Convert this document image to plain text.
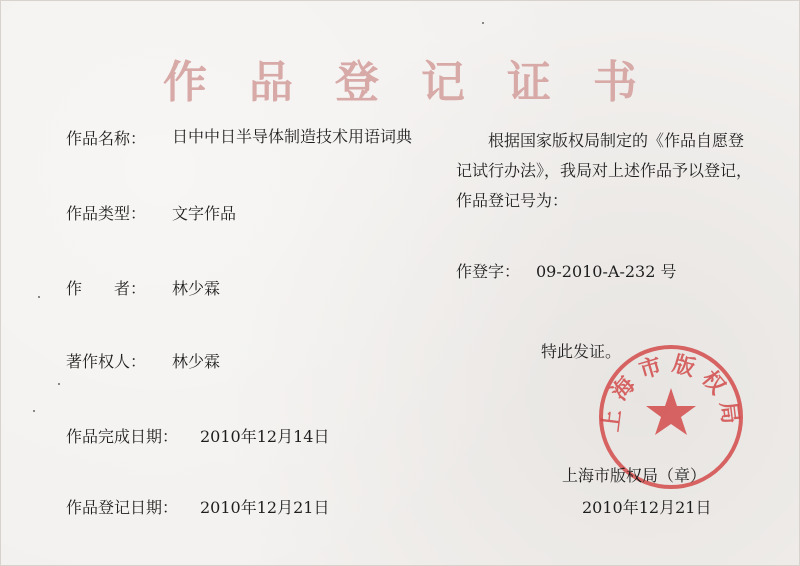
作品登记证书
作品名称： 日中中日半导体制造技术用语词典
作品类型： 文字作品
作　　者： 林少霖
著作权人： 林少霖
作品完成日期： 2010年12月14日
作品登记日期： 2010年12月21日
根据国家版权局制定的《作品自愿登记试行办法》，我局对上述作品予以登记，作品登记号为：
作登字： 09-2010-A-232 号
特此发证。
上海市版权局
上海市版权局（章）
2010年12月21日
